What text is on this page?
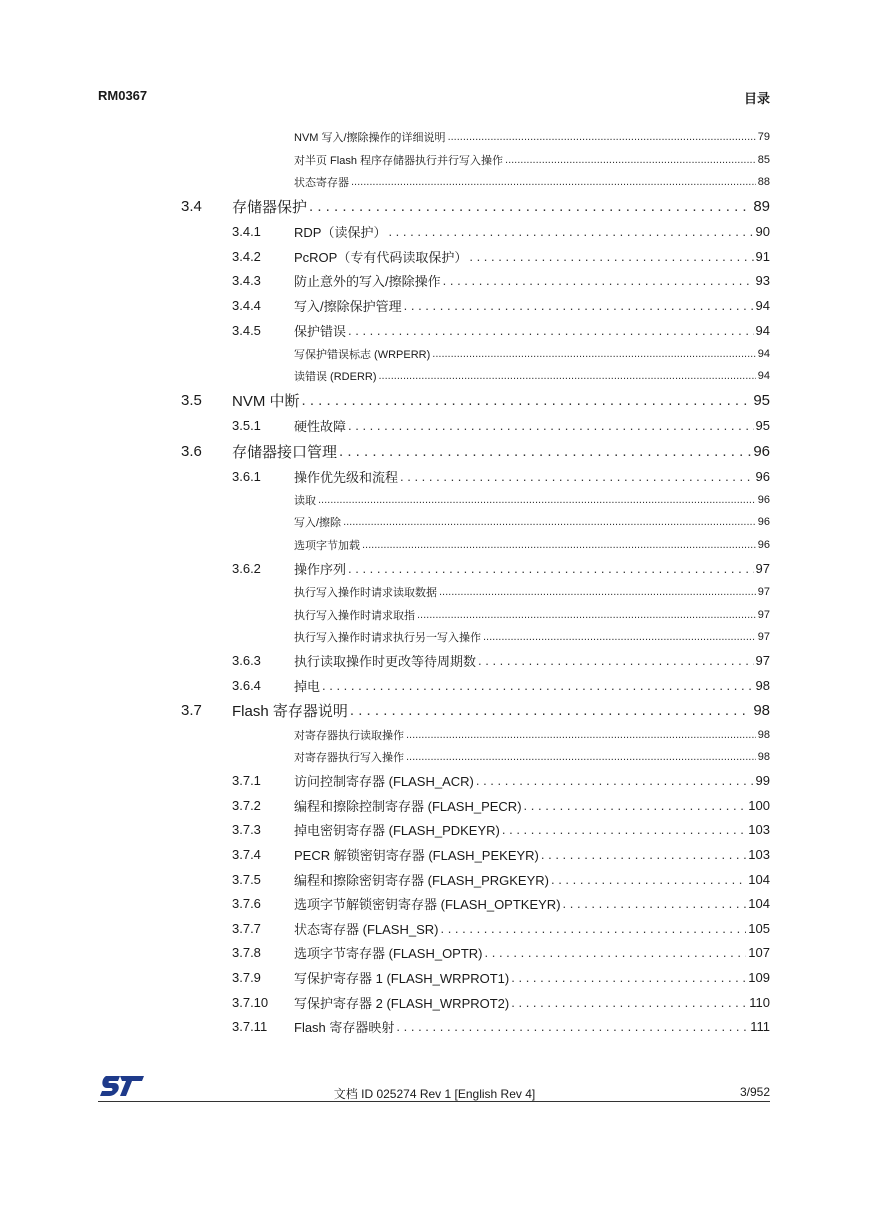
RM0367	目录
NVM 写入/擦除操作的详细说明 .....	79
对半页 Flash 程序存储器执行并行写入操作 .....	85
状态寄存器 .....	88
3.4 存储器保护 . . .	89
3.4.1	RDP（读保护） . . .	90
3.4.2	PcROP（专有代码读取保护） . . .	91
3.4.3	防止意外的写入/擦除操作 . . .	93
3.4.4	写入/擦除保护管理 . . .	94
3.4.5	保护错误 . . .	94
写保护错误标志 (WRPERR) .....	94
读错误 (RDERR) .....	94
3.5 NVM 中断 . . .	95
3.5.1	硬性故障 . . .	95
3.6 存储器接口管理 . . .	96
3.6.1	操作优先级和流程 . . .	96
读取 .....	96
写入/擦除 .....	96
选项字节加载 .....	96
3.6.2	操作序列 . . .	97
执行写入操作时请求读取数据 .....	97
执行写入操作时请求取指 .....	97
执行写入操作时请求执行另一写入操作 .....	97
3.6.3	执行读取操作时更改等待周期数 . . .	97
3.6.4	掉电 . . .	98
3.7 Flash 寄存器说明 . . .	98
对寄存器执行读取操作 .....	98
对寄存器执行写入操作 .....	98
3.7.1	访问控制寄存器 (FLASH_ACR) . . .	99
3.7.2	编程和擦除控制寄存器 (FLASH_PECR) . . .	100
3.7.3	掉电密钥寄存器 (FLASH_PDKEYR) . . .	103
3.7.4	PECR 解锁密钥寄存器 (FLASH_PEKEYR) . . .	103
3.7.5	编程和擦除密钥寄存器 (FLASH_PRGKEYR) . . .	104
3.7.6	选项字节解锁密钥寄存器 (FLASH_OPTKEYR) . . .	104
3.7.7	状态寄存器 (FLASH_SR) . . .	105
3.7.8	选项字节寄存器 (FLASH_OPTR) . . .	107
3.7.9	写保护寄存器 1 (FLASH_WRPROT1) . . .	109
3.7.10 写保护寄存器 2 (FLASH_WRPROT2) . . .	110
3.7.11 Flash 寄存器映射 . . .	111
文档 ID 025274 Rev 1 [English Rev 4]	3/952
